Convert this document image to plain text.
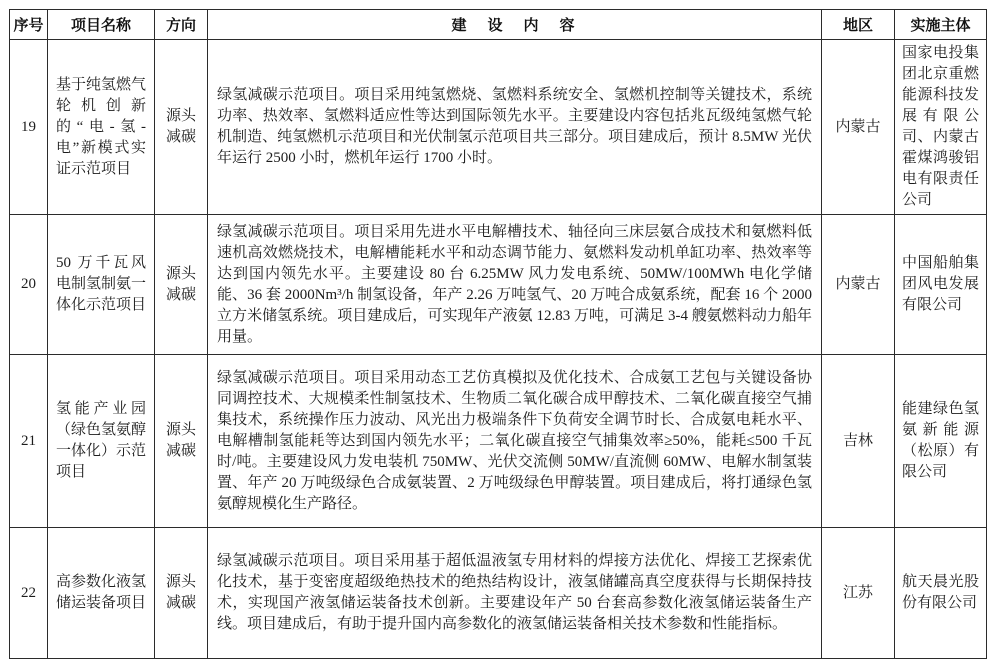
序号	项目名称	方向	建　设　内　容	地区	实施主体
19	基于纯氢燃气轮机创新的“电-氢-电”新模式实证示范项目	源头减碳	绿氢减碳示范项目。项目采用纯氢燃烧、氢燃料系统安全、氢燃机控制等关键技术，系统功率、热效率、氢燃料适应性等达到国际领先水平。主要建设内容包括兆瓦级纯氢燃气轮机制造、纯氢燃机示范项目和光伏制氢示范项目共三部分。项目建成后，预计 8.5MW 光伏年运行 2500 小时，燃机年运行 1700 小时。	内蒙古	国家电投集团北京重燃能源科技发展有限公司、内蒙古霍煤鸿骏铝电有限责任公司
20	50 万千瓦风电制氢制氨一体化示范项目	源头减碳	绿氢减碳示范项目。项目采用先进水平电解槽技术、轴径向三床层氨合成技术和氨燃料低速机高效燃烧技术，电解槽能耗水平和动态调节能力、氨燃料发动机单缸功率、热效率等达到国内领先水平。主要建设 80 台 6.25MW 风力发电系统、50MW/100MWh 电化学储能、36 套 2000Nm³/h 制氢设备，年产 2.26 万吨氢气、20 万吨合成氨系统，配套 16 个 2000 立方米储氢系统。项目建成后，可实现年产液氨 12.83 万吨，可满足 3-4 艘氨燃料动力船年用量。	内蒙古	中国船舶集团风电发展有限公司
21	氢能产业园（绿色氢氨醇一体化）示范项目	源头减碳	绿氢减碳示范项目。项目采用动态工艺仿真模拟及优化技术、合成氨工艺包与关键设备协同调控技术、大规模柔性制氢技术、生物质二氧化碳合成甲醇技术、二氧化碳直接空气捕集技术，系统操作压力波动、风光出力极端条件下负荷安全调节时长、合成氨电耗水平、电解槽制氢能耗等达到国内领先水平；二氧化碳直接空气捕集效率≥50%，能耗≤500 千瓦时/吨。主要建设风力发电装机 750MW、光伏交流侧 50MW/直流侧 60MW、电解水制氢装置、年产 20 万吨级绿色合成氨装置、2 万吨级绿色甲醇装置。项目建成后，将打通绿色氢氨醇规模化生产路径。	吉林	能建绿色氢氨新能源（松原）有限公司
22	高参数化液氢储运装备项目	源头减碳	绿氢减碳示范项目。项目采用基于超低温液氢专用材料的焊接方法优化、焊接工艺探索优化技术，基于变密度超级绝热技术的绝热结构设计，液氢储罐高真空度获得与长期保持技术，实现国产液氢储运装备技术创新。主要建设年产 50 台套高参数化液氢储运装备生产线。项目建成后，有助于提升国内高参数化的液氢储运装备相关技术参数和性能指标。	江苏	航天晨光股份有限公司
